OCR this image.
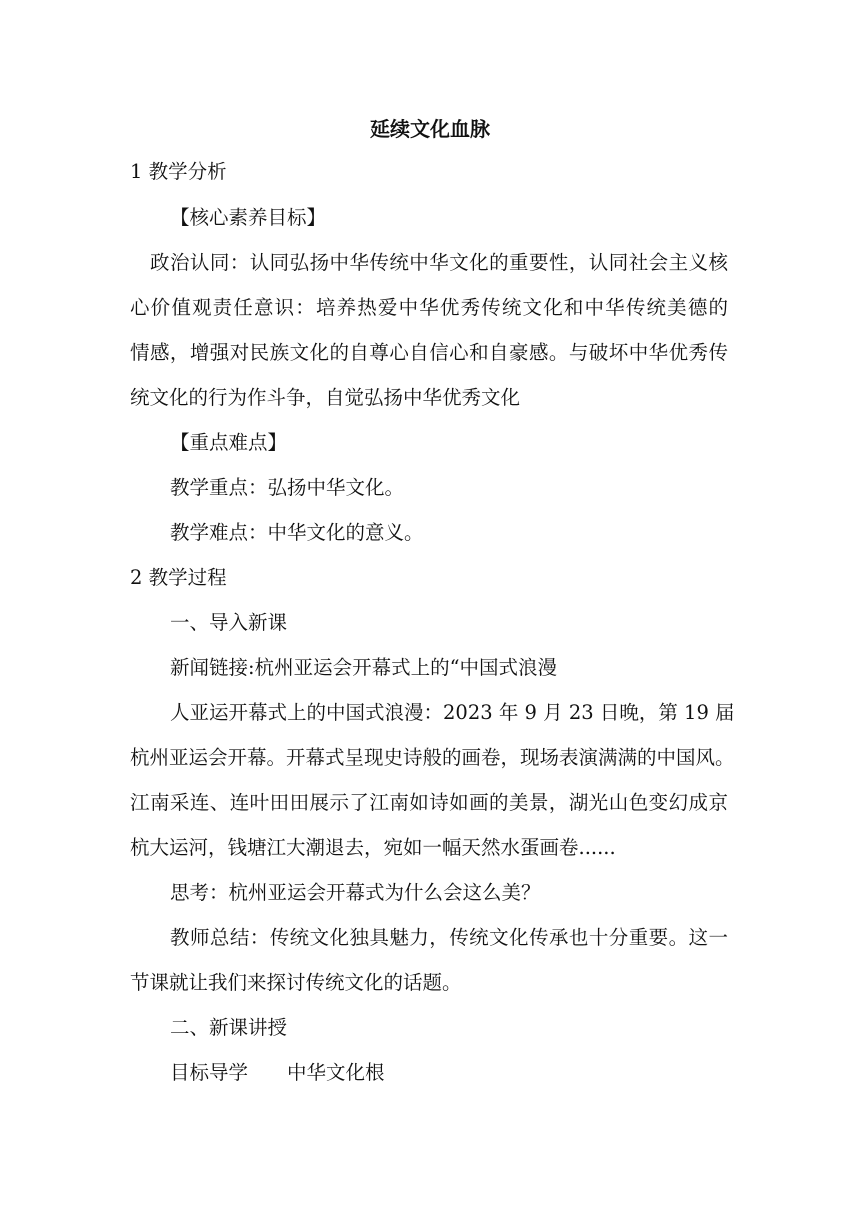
延续文化血脉
1 教学分析
【核心素养目标】
政治认同：认同弘扬中华传统中华文化的重要性，认同社会主义核
心价值观责任意识：培养热爱中华优秀传统文化和中华传统美德的
情感，增强对民族文化的自尊心自信心和自豪感。与破坏中华优秀传
统文化的行为作斗争，自觉弘扬中华优秀文化
【重点难点】
教学重点：弘扬中华文化。
教学难点：中华文化的意义。
2 教学过程
一、导入新课
新闻链接:杭州亚运会开幕式上的“中国式浪漫
人亚运开幕式上的中国式浪漫：2023 年 9 月 23 日晚，第 19 届
杭州亚运会开幕。开幕式呈现史诗般的画卷，现场表演满满的中国风。
江南采连、连叶田田展示了江南如诗如画的美景，湖光山色变幻成京
杭大运河，钱塘江大潮退去，宛如一幅天然水蛋画卷......
思考：杭州亚运会开幕式为什么会这么美？
教师总结：传统文化独具魅力，传统文化传承也十分重要。这一
节课就让我们来探讨传统文化的话题。
二、新课讲授
目标导学　　中华文化根
